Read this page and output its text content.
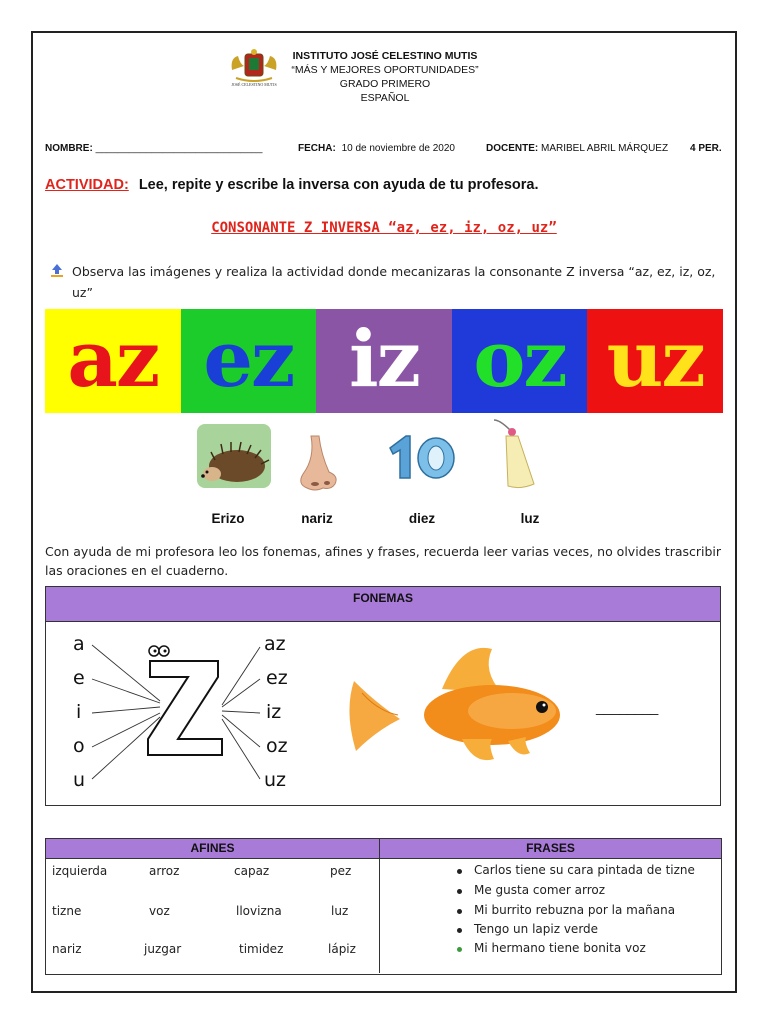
JOSÉ CELESTINO MUTIS
INSTITUTO JOSÉ CELESTINO MUTIS
“MÁS Y MEJORES OPORTUNIDADES”
GRADO PRIMERO
ESPAÑOL
NOMBRE: ______________________________	FECHA: 10 de noviembre de 2020	DOCENTE: MARIBEL ABRIL MÁRQUEZ 4 PER.
ACTIVIDAD: Lee, repite y escribe la inversa con ayuda de tu profesora.
CONSONANTE Z INVERSA “az, ez, iz, oz, uz”
Observa las imágenes y realiza la actividad donde mecanizaras la consonante Z inversa “az, ez, iz, oz, uz”
az ez iz oz uz
Erizo	nariz	diez	luz
Con ayuda de mi profesora leo los fonemas, afines y frases, recuerda leer varias veces, no olvides trascribir las oraciones en el cuaderno.
FONEMAS
a
e
i
o
u
az
ez
iz
oz
uz
________
AFINES	FRASES
izquierda	arroz	capaz	pez
tizne	voz	llovizna	luz
nariz	juzgar	timidez	lápiz
Carlos tiene su cara pintada de tizne
Me gusta comer arroz
Mi burrito rebuzna por la mañana
Tengo un lapiz verde
Mi hermano tiene bonita voz
